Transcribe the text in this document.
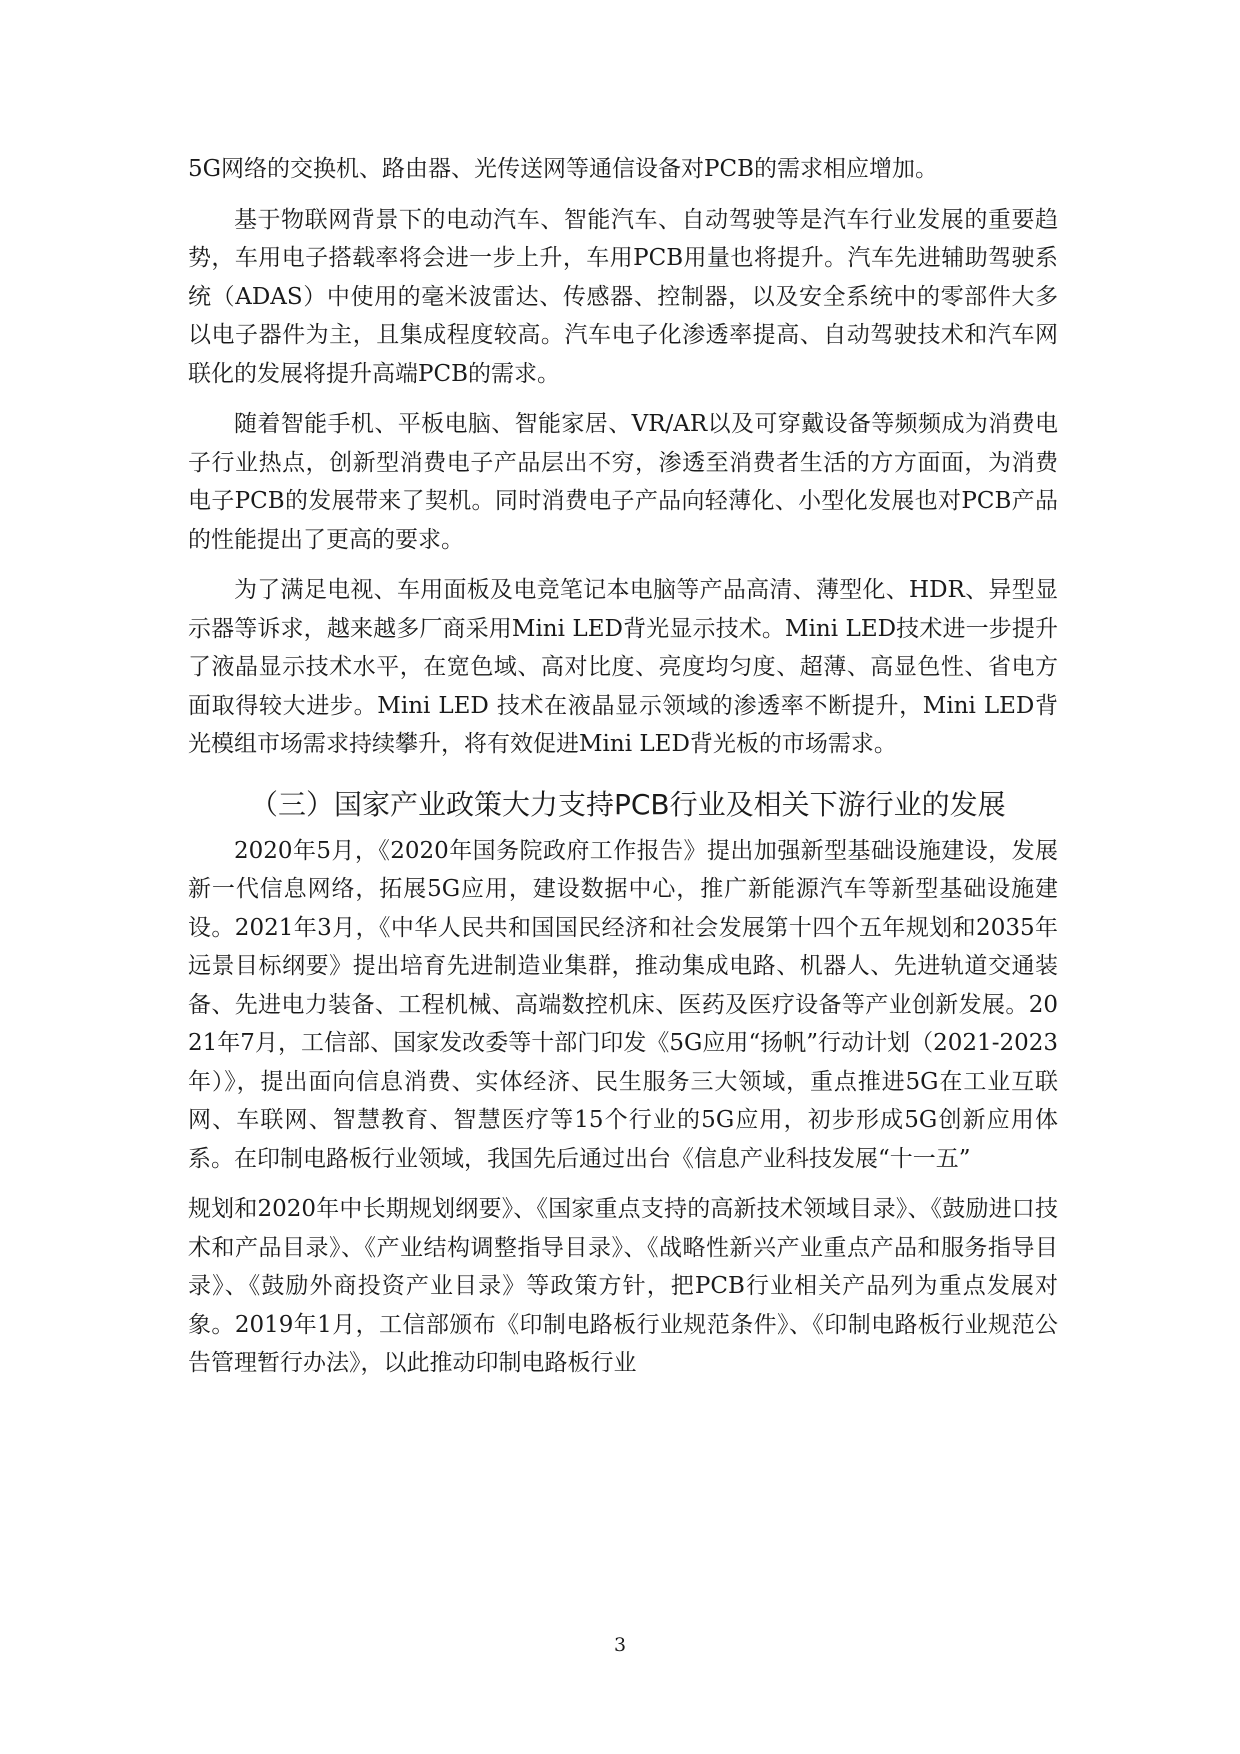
5G网络的交换机、路由器、光传送网等通信设备对PCB的需求相应增加。

基于物联网背景下的电动汽车、智能汽车、自动驾驶等是汽车行业发展的重要趋势，车用电子搭载率将会进一步上升，车用PCB用量也将提升。汽车先进辅助驾驶系统（ADAS）中使用的毫米波雷达、传感器、控制器，以及安全系统中的零部件大多以电子器件为主，且集成程度较高。汽车电子化渗透率提高、自动驾驶技术和汽车网联化的发展将提升高端PCB的需求。

随着智能手机、平板电脑、智能家居、VR/AR以及可穿戴设备等频频成为消费电子行业热点，创新型消费电子产品层出不穷，渗透至消费者生活的方方面面，为消费电子PCB的发展带来了契机。同时消费电子产品向轻薄化、小型化发展也对PCB产品的性能提出了更高的要求。

为了满足电视、车用面板及电竞笔记本电脑等产品高清、薄型化、HDR、异型显示器等诉求，越来越多厂商采用Mini LED背光显示技术。Mini LED技术进一步提升了液晶显示技术水平，在宽色域、高对比度、亮度均匀度、超薄、高显色性、省电方面取得较大进步。Mini LED 技术在液晶显示领域的渗透率不断提升，Mini LED背光模组市场需求持续攀升，将有效促进Mini LED背光板的市场需求。

（三）国家产业政策大力支持PCB行业及相关下游行业的发展

2020年5月，《2020年国务院政府工作报告》提出加强新型基础设施建设，发展新一代信息网络，拓展5G应用，建设数据中心，推广新能源汽车等新型基础设施建设。2021年3月，《中华人民共和国国民经济和社会发展第十四个五年规划和2035年远景目标纲要》提出培育先进制造业集群，推动集成电路、机器人、先进轨道交通装备、先进电力装备、工程机械、高端数控机床、医药及医疗设备等产业创新发展。2021年7月，工信部、国家发改委等十部门印发《5G应用“扬帆”行动计划（2021-2023年）》，提出面向信息消费、实体经济、民生服务三大领域，重点推进5G在工业互联网、车联网、智慧教育、智慧医疗等15个行业的5G应用，初步形成5G创新应用体系。在印制电路板行业领域，我国先后通过出台《信息产业科技发展“十一五”

规划和2020年中长期规划纲要》、《国家重点支持的高新技术领域目录》、《鼓励进口技术和产品目录》、《产业结构调整指导目录》、《战略性新兴产业重点产品和服务指导目录》、《鼓励外商投资产业目录》等政策方针，把PCB行业相关产品列为重点发展对象。2019年1月，工信部颁布《印制电路板行业规范条件》、《印制电路板行业规范公告管理暂行办法》，以此推动印制电路板行业

3
